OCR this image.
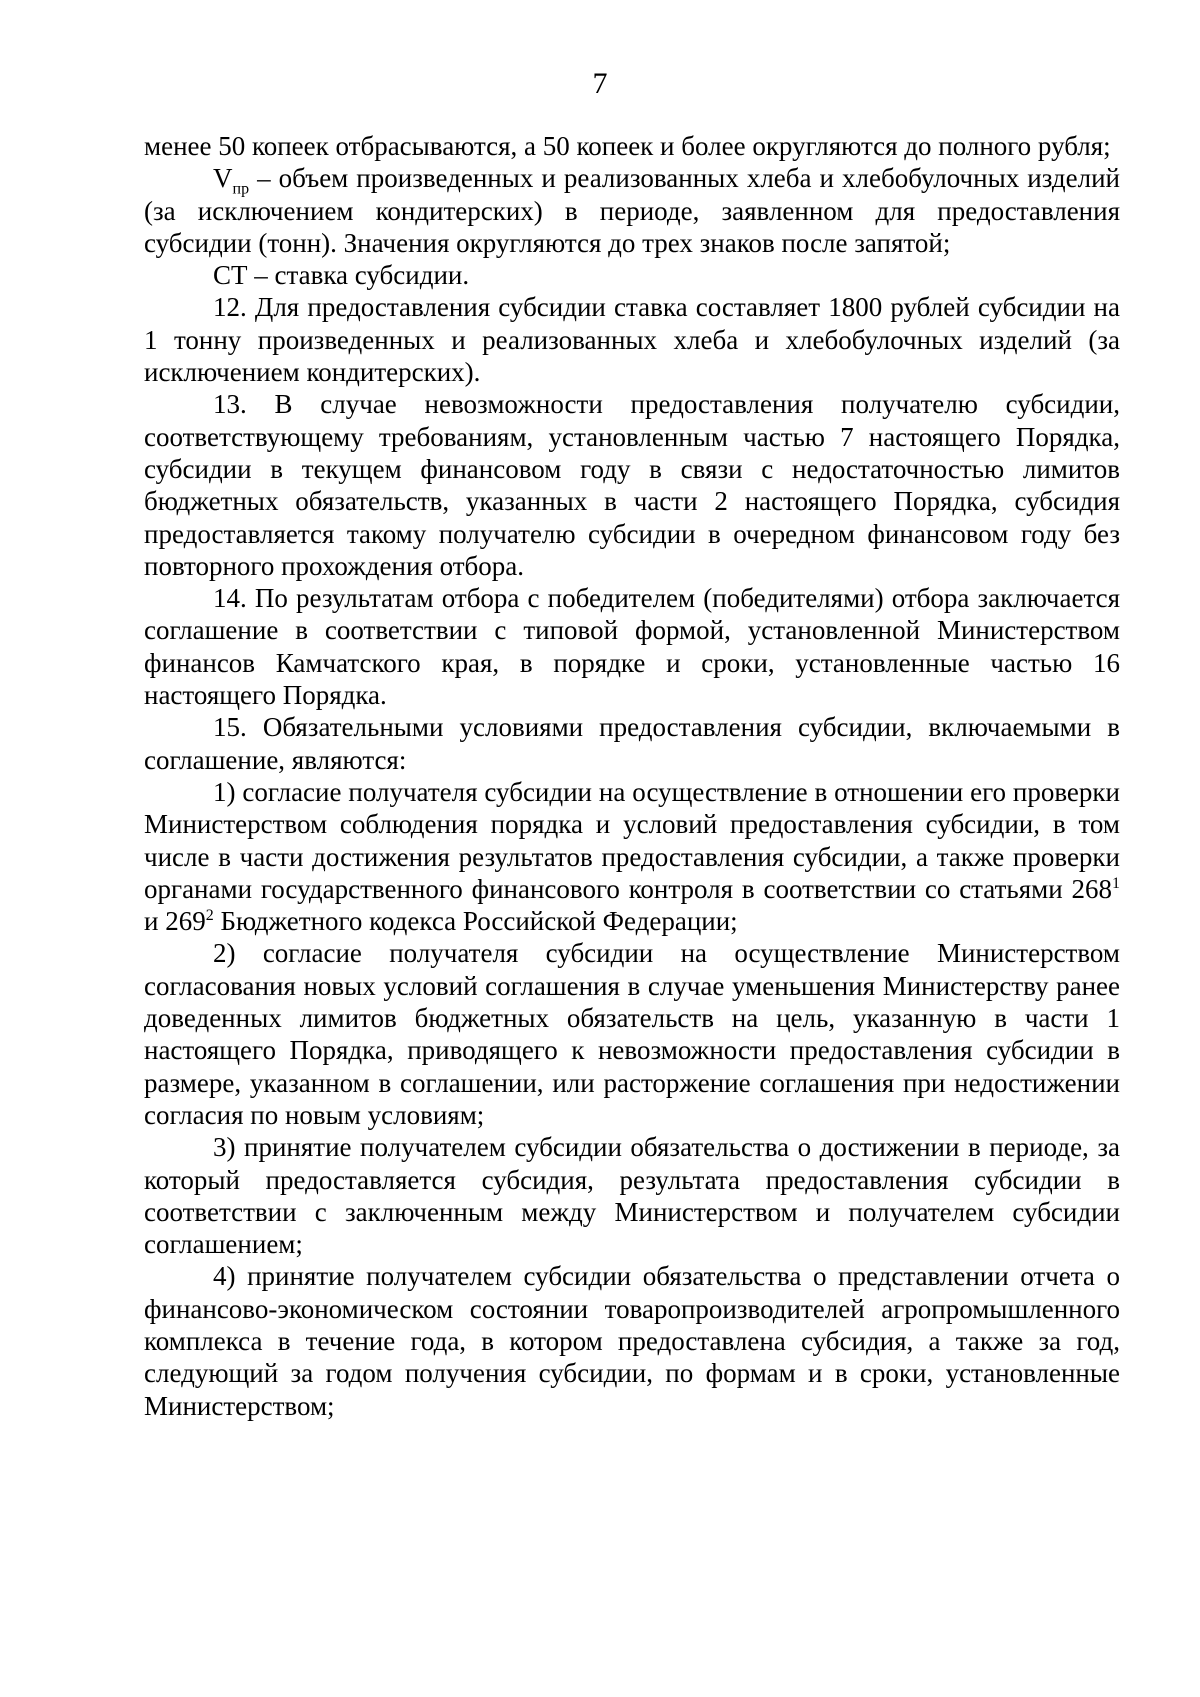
7

менее 50 копеек отбрасываются, а 50 копеек и более округляются до полного рубля;

$V_{пр}$ – объем произведенных и реализованных хлеба и хлебобулочных изделий (за исключением кондитерских) в периоде, заявленном для предоставления субсидии (тонн). Значения округляются до трех знаков после запятой;

СТ – ставка субсидии.

12. Для предоставления субсидии ставка составляет 1800 рублей субсидии на 1 тонну произведенных и реализованных хлеба и хлебобулочных изделий (за исключением кондитерских).

13. В случае невозможности предоставления получателю субсидии, соответствующему требованиям, установленным частью 7 настоящего Порядка, субсидии в текущем финансовом году в связи с недостаточностью лимитов бюджетных обязательств, указанных в части 2 настоящего Порядка, субсидия предоставляется такому получателю субсидии в очередном финансовом году без повторного прохождения отбора.

14. По результатам отбора с победителем (победителями) отбора заключается соглашение в соответствии с типовой формой, установленной Министерством финансов Камчатского края, в порядке и сроки, установленные частью 16 настоящего Порядка.

15. Обязательными условиями предоставления субсидии, включаемыми в соглашение, являются:

1) согласие получателя субсидии на осуществление в отношении его проверки Министерством соблюдения порядка и условий предоставления субсидии, в том числе в части достижения результатов предоставления субсидии, а также проверки органами государственного финансового контроля в соответствии со статьями $268^1$ и $269^2$ Бюджетного кодекса Российской Федерации;

2) согласие получателя субсидии на осуществление Министерством согласования новых условий соглашения в случае уменьшения Министерству ранее доведенных лимитов бюджетных обязательств на цель, указанную в части 1 настоящего Порядка, приводящего к невозможности предоставления субсидии в размере, указанном в соглашении, или расторжение соглашения при недостижении согласия по новым условиям;

3) принятие получателем субсидии обязательства о достижении в периоде, за который предоставляется субсидия, результата предоставления субсидии в соответствии с заключенным между Министерством и получателем субсидии соглашением;

4) принятие получателем субсидии обязательства о представлении отчета о финансово-экономическом состоянии товаропроизводителей агропромышленного комплекса в течение года, в котором предоставлена субсидия, а также за год, следующий за годом получения субсидии, по формам и в сроки, установленные Министерством;
